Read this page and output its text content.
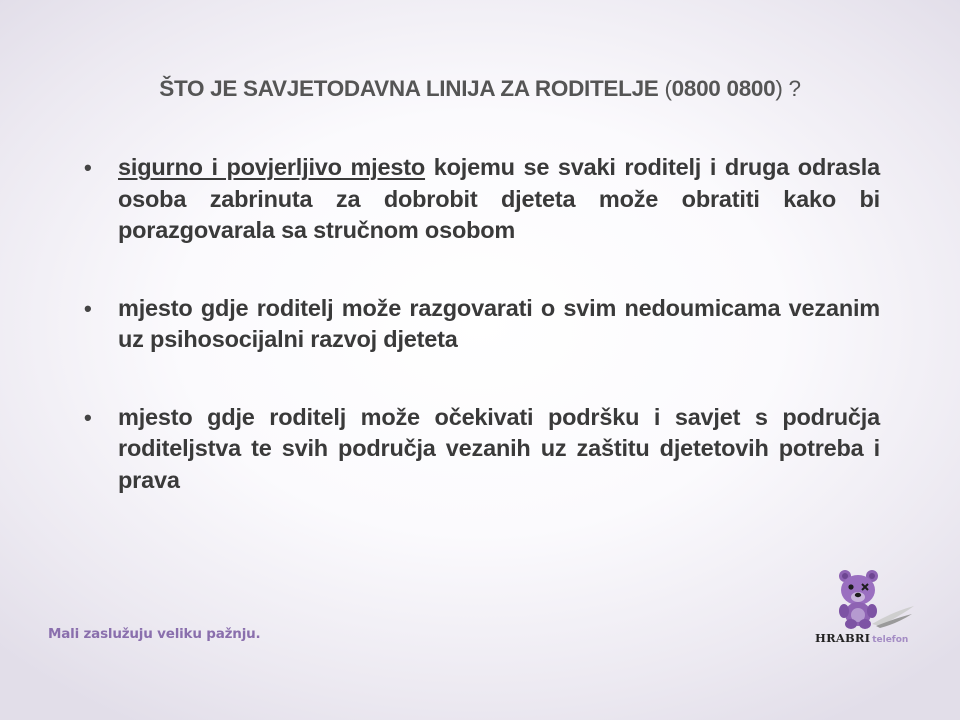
ŠTO JE SAVJETODAVNA LINIJA ZA RODITELJE (0800 0800) ?
• sigurno i povjerljivo mjesto kojemu se svaki roditelj i druga odrasla osoba zabrinuta za dobrobit djeteta može obratiti kako bi porazgovarala sa stručnom osobom
• mjesto gdje roditelj može razgovarati o svim nedoumicama vezanim uz psihosocijalni razvoj djeteta
• mjesto gdje roditelj može očekivati podršku i savjet s područja roditeljstva te svih područja vezanih uz zaštitu djetetovih potreba i prava
Mali zaslužuju veliku pažnju.	HRABRI telefon
